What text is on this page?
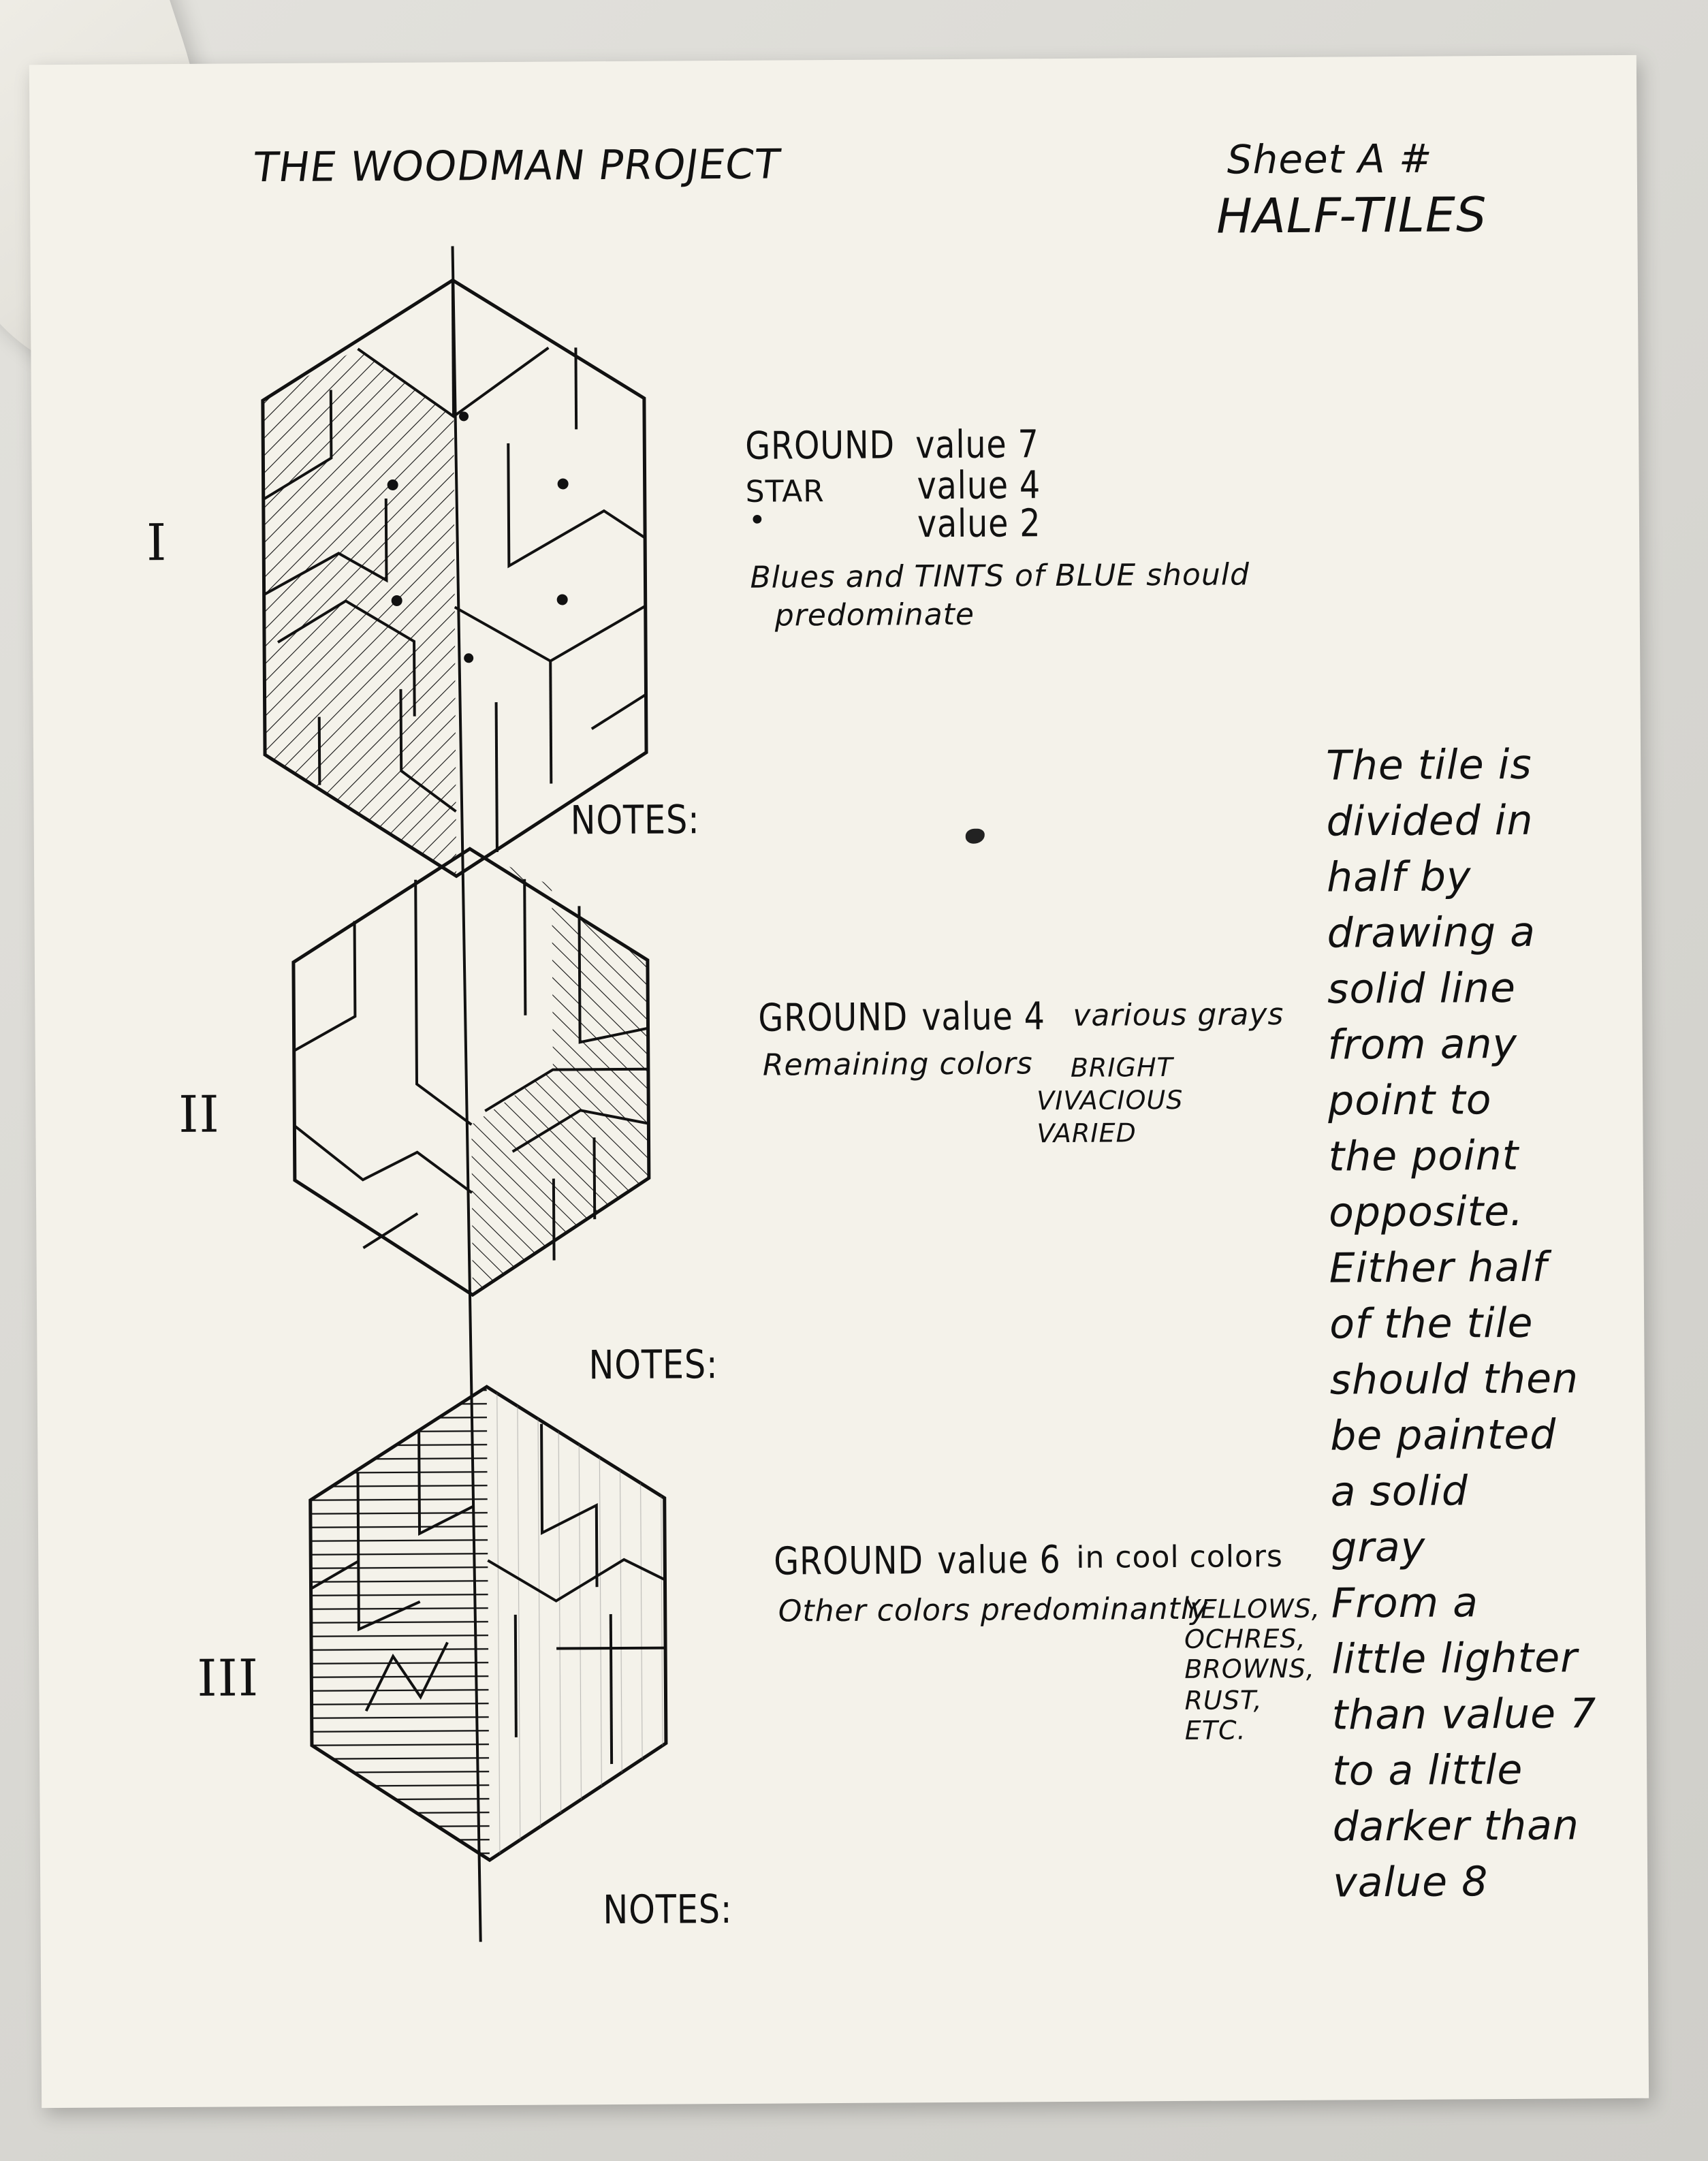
THE WOODMAN PROJECT	Sheet A #
HALF-TILES
I
NOTES:
GROUND value 7
STAR value 4
•	value 2
Blues and TINTS of BLUE should
predominate
II
NOTES:
GROUND value 4 various grays
Remaining colors BRIGHT
VIVACIOUS
VARIED
III
NOTES:
GROUND value 6 in cool colors
Other colors predominantly
YELLOWS,
OCHRES,
BROWNS,
RUST,
ETC.
The tile is
divided in
half by
drawing a
solid line
from any
point to
the point
opposite.
Either half
of the tile
should then
be painted
a solid
gray
From a
little lighter
than value 7
to a little
darker than
value 8
